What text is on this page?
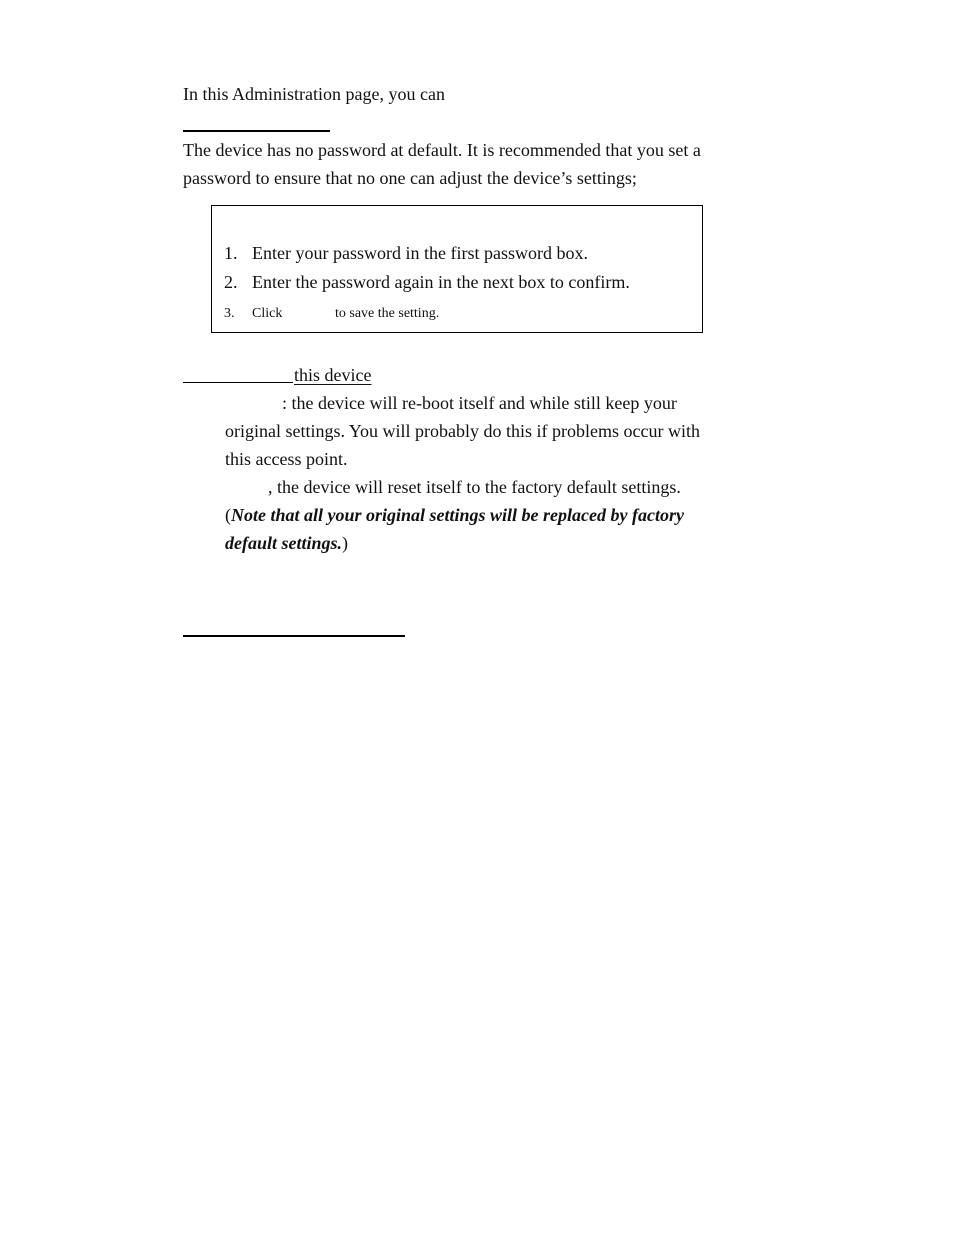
In this Administration page, you can
The device has no password at default. It is recommended that you set a
password to ensure that no one can adjust the device’s settings;
1. Enter your password in the first password box.
2. Enter the password again in the next box to confirm.
3. Click	to save the setting.
this device
: the device will re-boot itself and while still keep your
original settings. You will probably do this if problems occur with
this access point.
, the device will reset itself to the factory default settings.
(Note that all your original settings will be replaced by factory
default settings.)
